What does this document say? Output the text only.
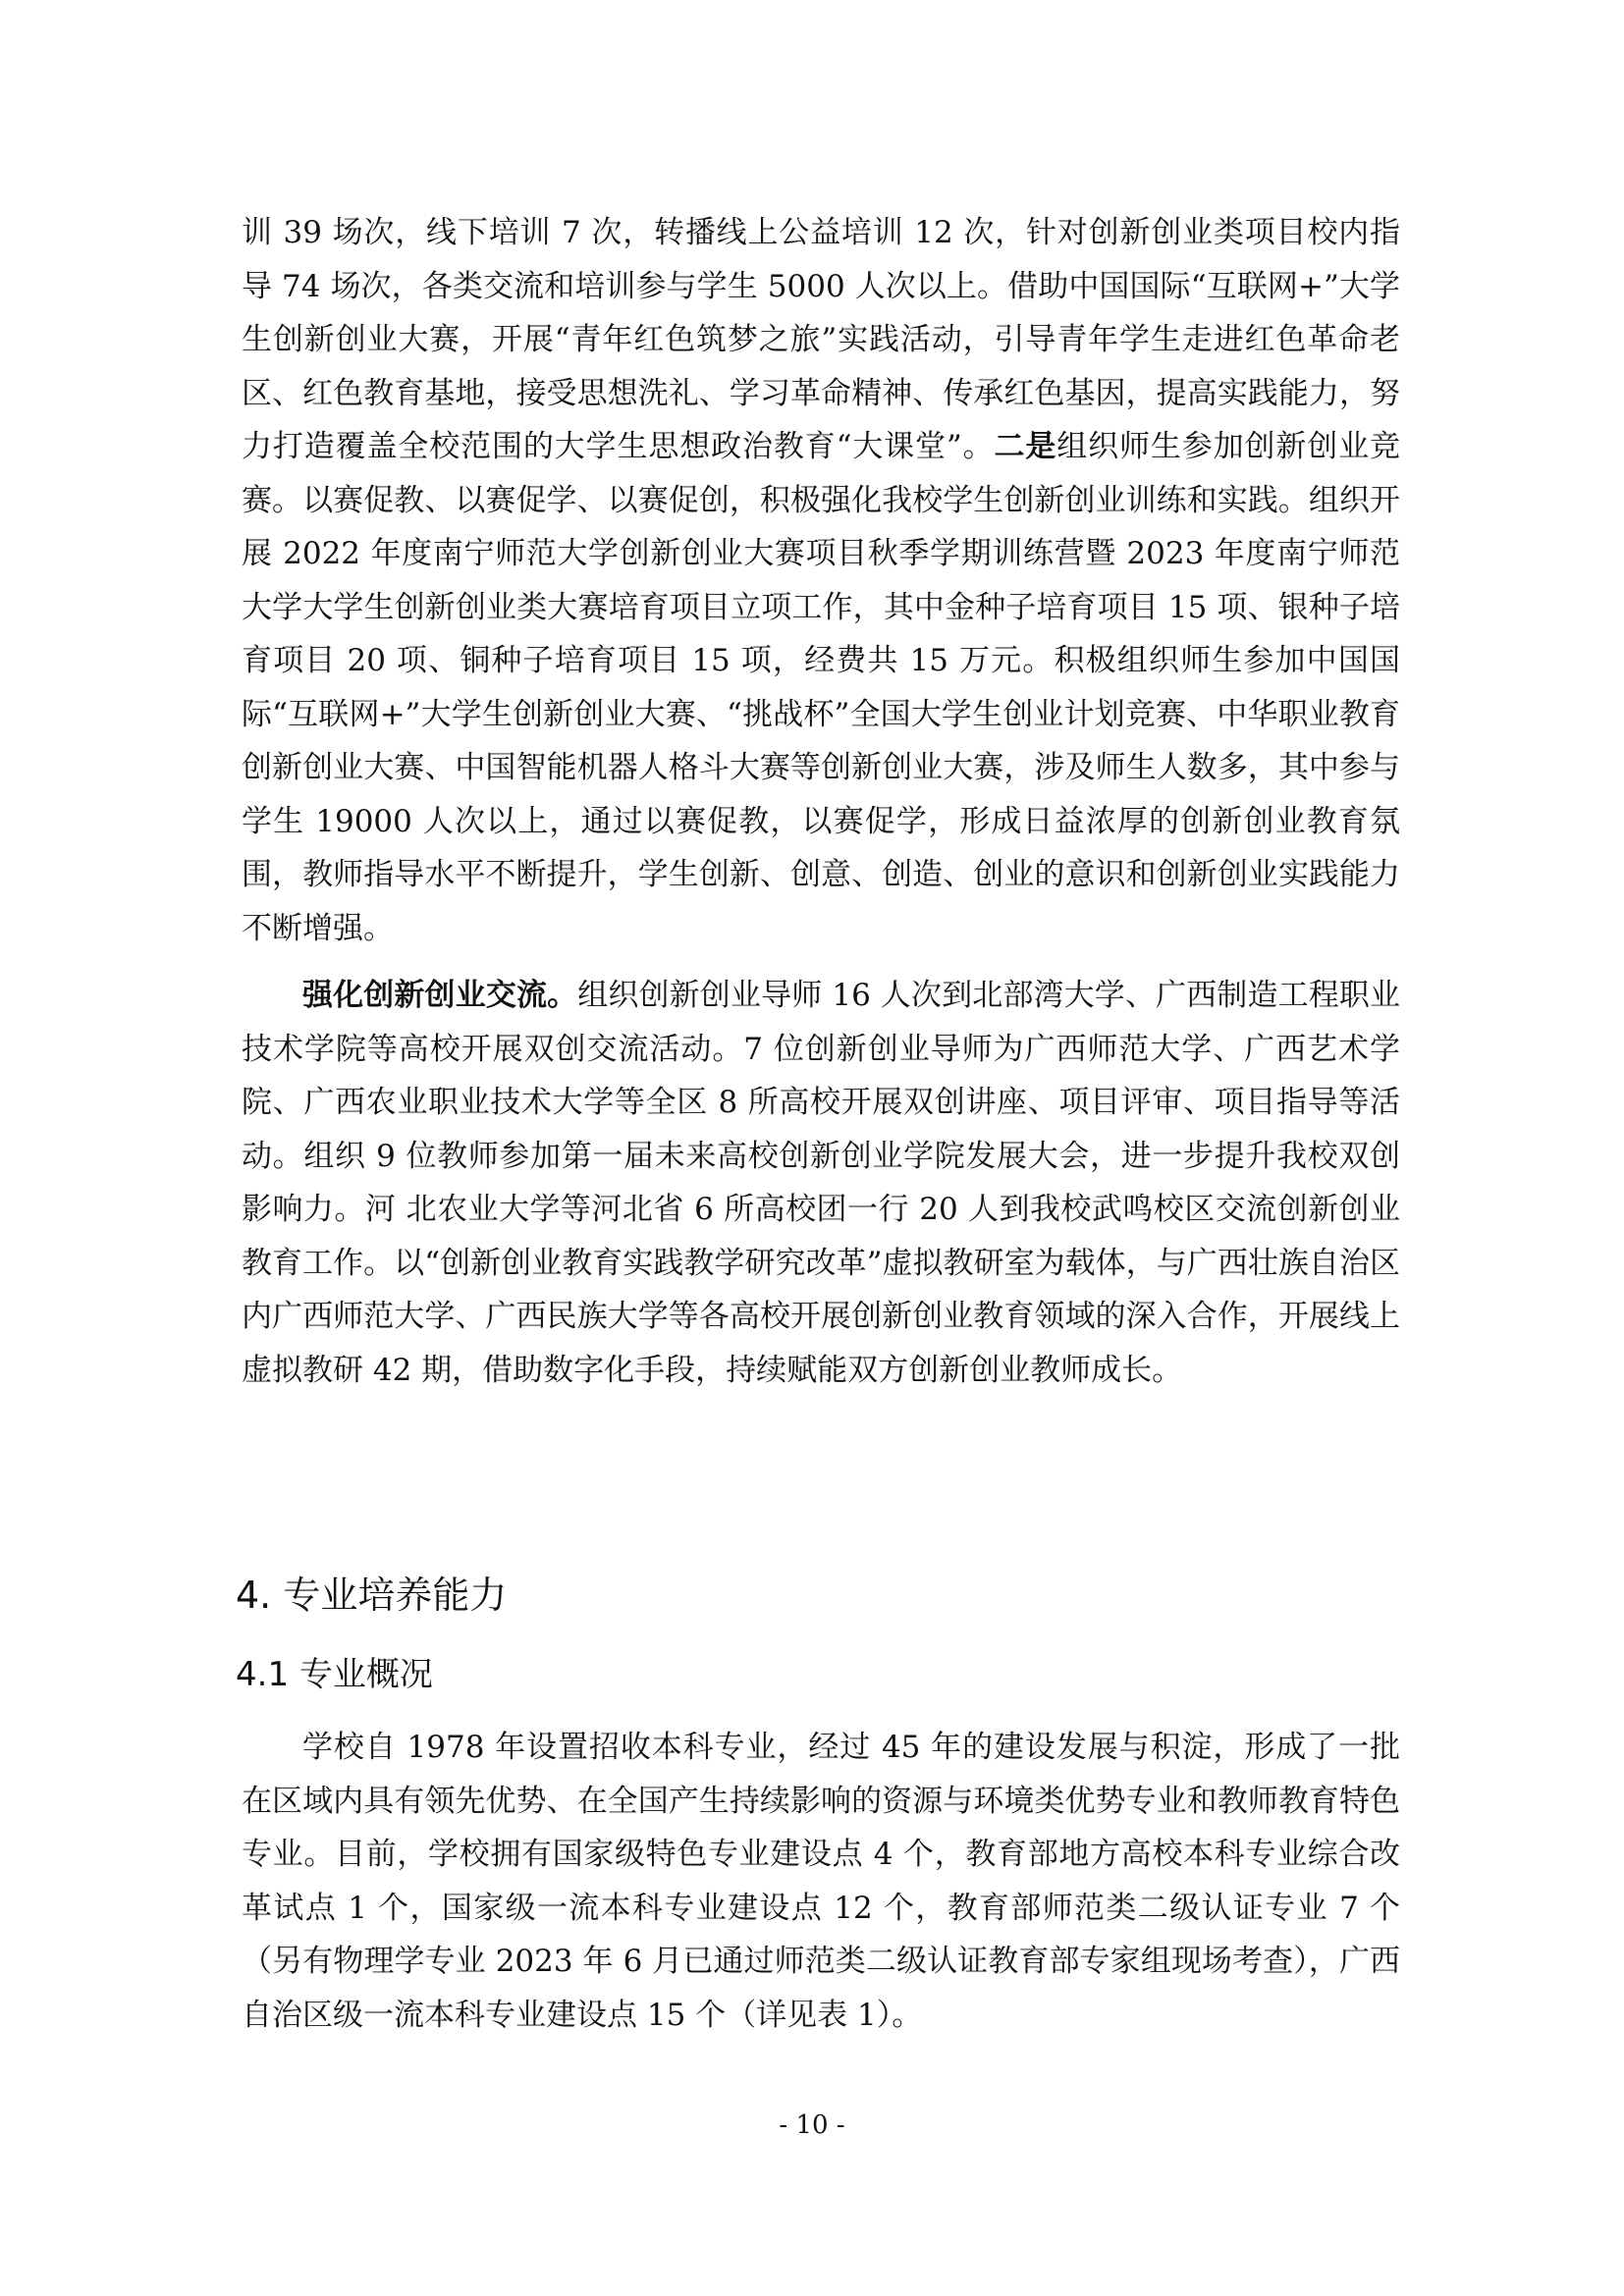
训 39 场次，线下培训 7 次，转播线上公益培训 12 次，针对创新创业类项目校内指导 74 场次，各类交流和培训参与学生 5000 人次以上。借助中国国际“互联网+”大学生创新创业大赛，开展“青年红色筑梦之旅”实践活动，引导青年学生走进红色革命老区、红色教育基地，接受思想洗礼、学习革命精神、传承红色基因，提高实践能力，努力打造覆盖全校范围的大学生思想政治教育“大课堂”。二是组织师生参加创新创业竞赛。以赛促教、以赛促学、以赛促创，积极强化我校学生创新创业训练和实践。组织开展 2022 年度南宁师范大学创新创业大赛项目秋季学期训练营暨 2023 年度南宁师范大学大学生创新创业类大赛培育项目立项工作，其中金种子培育项目 15 项、银种子培育项目 20 项、铜种子培育项目 15 项，经费共 15 万元。积极组织师生参加中国国际“互联网+”大学生创新创业大赛、“挑战杯”全国大学生创业计划竞赛、中华职业教育创新创业大赛、中国智能机器人格斗大赛等创新创业大赛，涉及师生人数多，其中参与学生 19000 人次以上，通过以赛促教，以赛促学，形成日益浓厚的创新创业教育氛围，教师指导水平不断提升，学生创新、创意、创造、创业的意识和创新创业实践能力不断增强。

强化创新创业交流。组织创新创业导师 16 人次到北部湾大学、广西制造工程职业技术学院等高校开展双创交流活动。7 位创新创业导师为广西师范大学、广西艺术学院、广西农业职业技术大学等全区 8 所高校开展双创讲座、项目评审、项目指导等活动。组织 9 位教师参加第一届未来高校创新创业学院发展大会，进一步提升我校双创影响力。河 北农业大学等河北省 6 所高校团一行 20 人到我校武鸣校区交流创新创业教育工作。以“创新创业教育实践教学研究改革”虚拟教研室为载体，与广西壮族自治区内广西师范大学、广西民族大学等各高校开展创新创业教育领域的深入合作，开展线上虚拟教研 42 期，借助数字化手段，持续赋能双方创新创业教师成长。

4. 专业培养能力
4.1 专业概况

学校自 1978 年设置招收本科专业，经过 45 年的建设发展与积淀，形成了一批在区域内具有领先优势、在全国产生持续影响的资源与环境类优势专业和教师教育特色专业。目前，学校拥有国家级特色专业建设点 4 个，教育部地方高校本科专业综合改革试点 1 个，国家级一流本科专业建设点 12 个，教育部师范类二级认证专业 7 个（另有物理学专业 2023 年 6 月已通过师范类二级认证教育部专家组现场考查），广西自治区级一流本科专业建设点 15 个（详见表 1）。

- 10 -
